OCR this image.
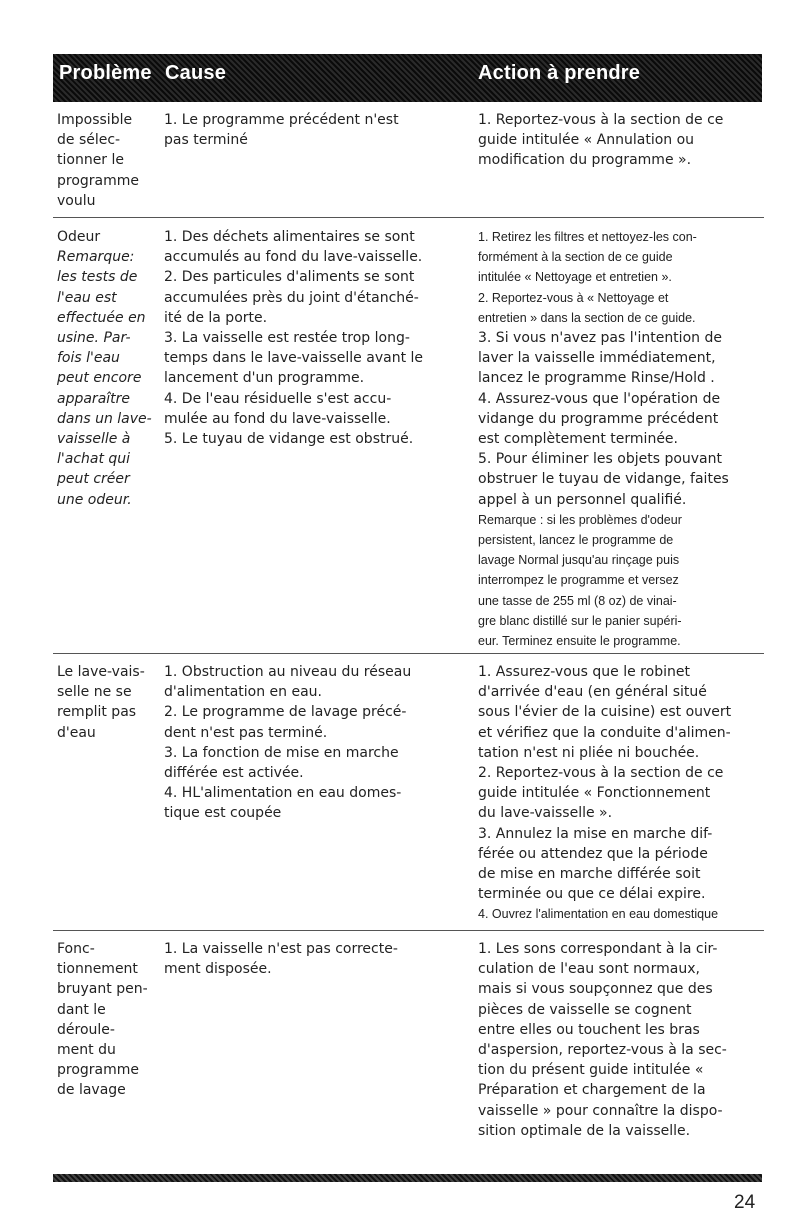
Problème Cause	Action à prendre
Impossible
de sélec-
tionner le
programme
voulu
1. Le programme précédent n'est
pas terminé
1. Reportez-vous à la section de ce
guide intitulée « Annulation ou
modification du programme ».
Odeur
Remarque:
les tests de
l'eau est
effectuée en
usine. Par-
fois l'eau
peut encore
apparaître
dans un lave-
vaisselle à
l'achat qui
peut créer
une odeur.
1. Des déchets alimentaires se sont
accumulés au fond du lave-vaisselle.
2. Des particules d'aliments se sont
accumulées près du joint d'étanché-
ité de la porte.
3. La vaisselle est restée trop long-
temps dans le lave-vaisselle avant le
lancement d'un programme.
4. De l'eau résiduelle s'est accu-
mulée au fond du lave-vaisselle.
5. Le tuyau de vidange est obstrué.
1. Retirez les filtres et nettoyez-les con-
formément à la section de ce guide
intitulée « Nettoyage et entretien ».
2. Reportez-vous à « Nettoyage et
entretien » dans la section de ce guide.
3. Si vous n'avez pas l'intention de
laver la vaisselle immédiatement,
lancez le programme Rinse/Hold .
4. Assurez-vous que l'opération de
vidange du programme précédent
est complètement terminée.
5. Pour éliminer les objets pouvant
obstruer le tuyau de vidange, faites
appel à un personnel qualifié.
Remarque : si les problèmes d'odeur
persistent, lancez le programme de
lavage Normal jusqu'au rinçage puis
interrompez le programme et versez
une tasse de 255 ml (8 oz) de vinai-
gre blanc distillé sur le panier supéri-
eur. Terminez ensuite le programme.
Le lave-vais-
selle ne se
remplit pas
d'eau
1. Obstruction au niveau du réseau
d'alimentation en eau.
2. Le programme de lavage précé-
dent n'est pas terminé.
3. La fonction de mise en marche
différée est activée.
4. HL'alimentation en eau domes-
tique est coupée
1. Assurez-vous que le robinet
d'arrivée d'eau (en général situé
sous l'évier de la cuisine) est ouvert
et vérifiez que la conduite d'alimen-
tation n'est ni pliée ni bouchée.
2. Reportez-vous à la section de ce
guide intitulée « Fonctionnement
du lave-vaisselle ».
3. Annulez la mise en marche dif-
férée ou attendez que la période
de mise en marche différée soit
terminée ou que ce délai expire.
4. Ouvrez l'alimentation en eau domestique
Fonc-
tionnement
bruyant pen-
dant le
déroule-
ment du
programme
de lavage
1. La vaisselle n'est pas correcte-
ment disposée.
1. Les sons correspondant à la cir-
culation de l'eau sont normaux,
mais si vous soupçonnez que des
pièces de vaisselle se cognent
entre elles ou touchent les bras
d'aspersion, reportez-vous à la sec-
tion du présent guide intitulée «
Préparation et chargement de la
vaisselle » pour connaître la dispo-
sition optimale de la vaisselle.
24
